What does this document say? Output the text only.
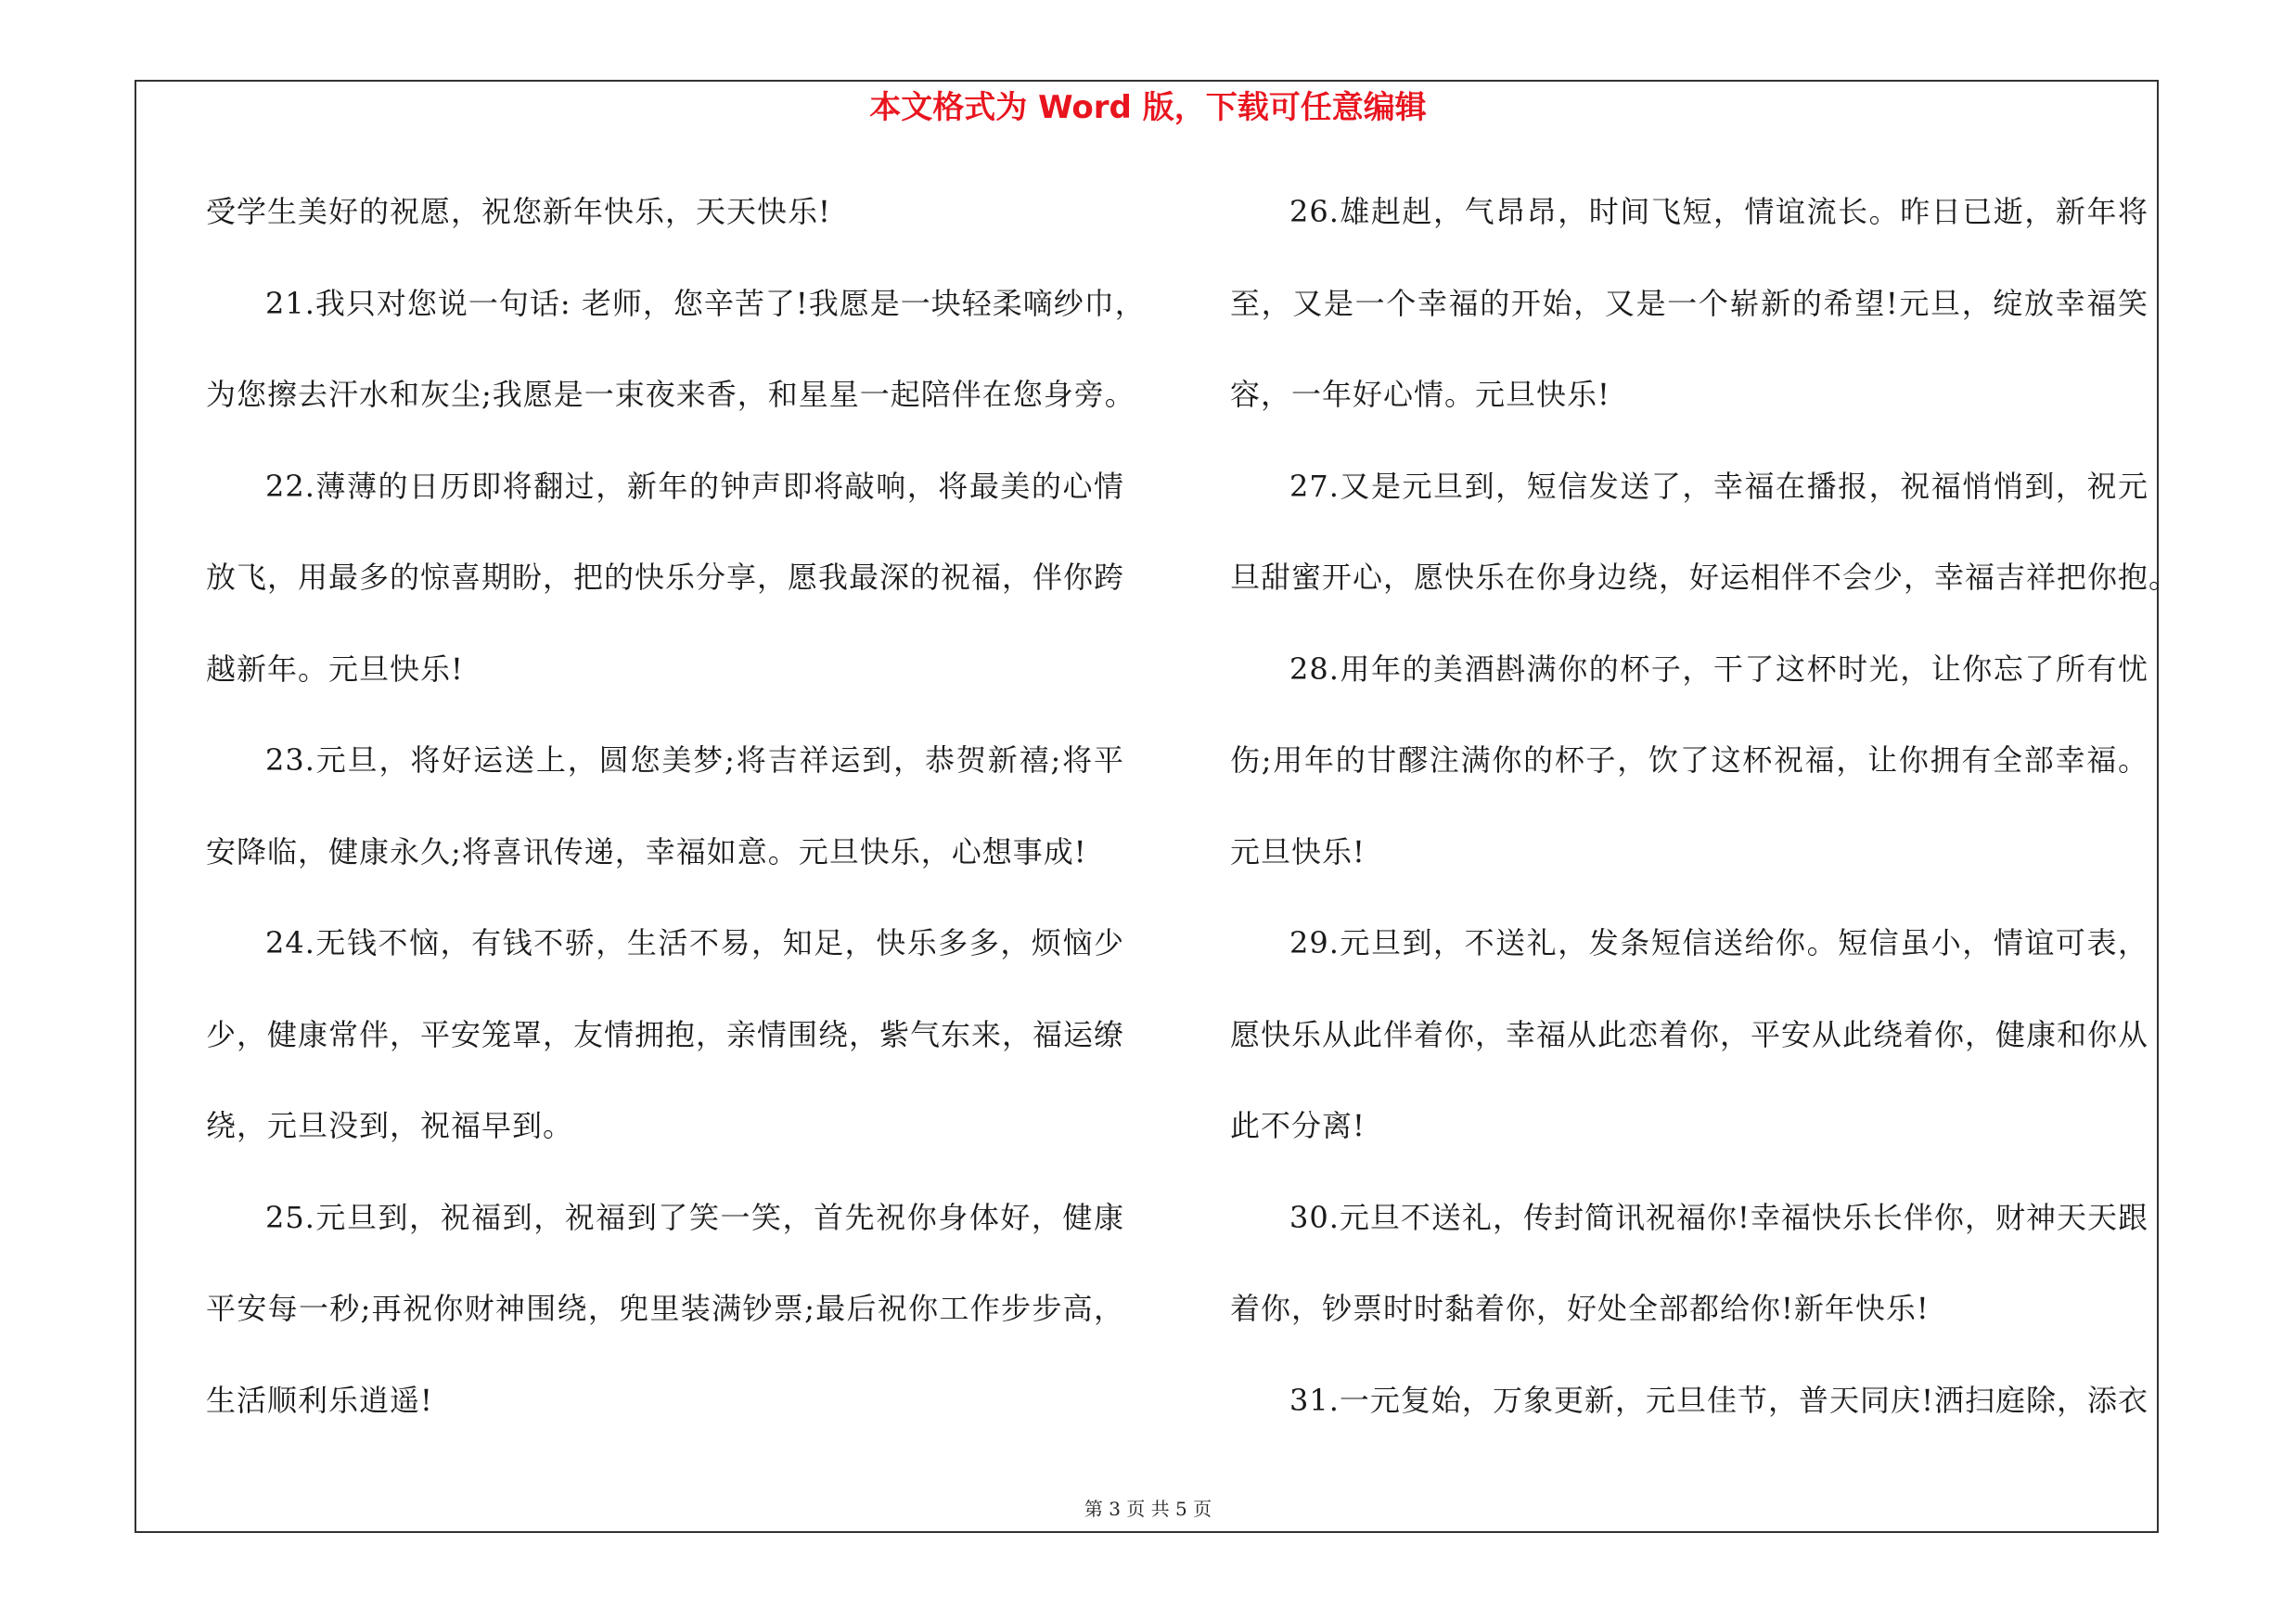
本文格式为 Word 版，下载可任意编辑
受学生美好的祝愿，祝您新年快乐，天天快乐!
21.我只对您说一句话: 老师，您辛苦了!我愿是一块轻柔嘀纱巾，
为您擦去汗水和灰尘;我愿是一束夜来香，和星星一起陪伴在您身旁。
22.薄薄的日历即将翻过，新年的钟声即将敲响，将最美的心情
放飞，用最多的惊喜期盼，把的快乐分享，愿我最深的祝福，伴你跨
越新年。元旦快乐!
23.元旦，将好运送上，圆您美梦;将吉祥运到，恭贺新禧;将平
安降临，健康永久;将喜讯传递，幸福如意。元旦快乐，心想事成!
24.无钱不恼，有钱不骄，生活不易，知足，快乐多多，烦恼少
少，健康常伴，平安笼罩，友情拥抱，亲情围绕，紫气东来，福运缭
绕，元旦没到，祝福早到。
25.元旦到，祝福到，祝福到了笑一笑，首先祝你身体好，健康
平安每一秒;再祝你财神围绕，兜里装满钞票;最后祝你工作步步高，
生活顺利乐逍遥!
26.雄赳赳，气昂昂，时间飞短，情谊流长。昨日已逝，新年将
至，又是一个幸福的开始，又是一个崭新的希望!元旦，绽放幸福笑
容，一年好心情。元旦快乐!
27.又是元旦到，短信发送了，幸福在播报，祝福悄悄到，祝元
旦甜蜜开心，愿快乐在你身边绕，好运相伴不会少，幸福吉祥把你抱。
28.用年的美酒斟满你的杯子，干了这杯时光，让你忘了所有忧
伤;用年的甘醪注满你的杯子，饮了这杯祝福，让你拥有全部幸福。
元旦快乐!
29.元旦到，不送礼，发条短信送给你。短信虽小，情谊可表，
愿快乐从此伴着你，幸福从此恋着你，平安从此绕着你，健康和你从
此不分离!
30.元旦不送礼，传封简讯祝福你!幸福快乐长伴你，财神天天跟
着你，钞票时时黏着你，好处全部都给你!新年快乐!
31.一元复始，万象更新，元旦佳节，普天同庆!洒扫庭除，添衣
第 3 页 共 5 页
